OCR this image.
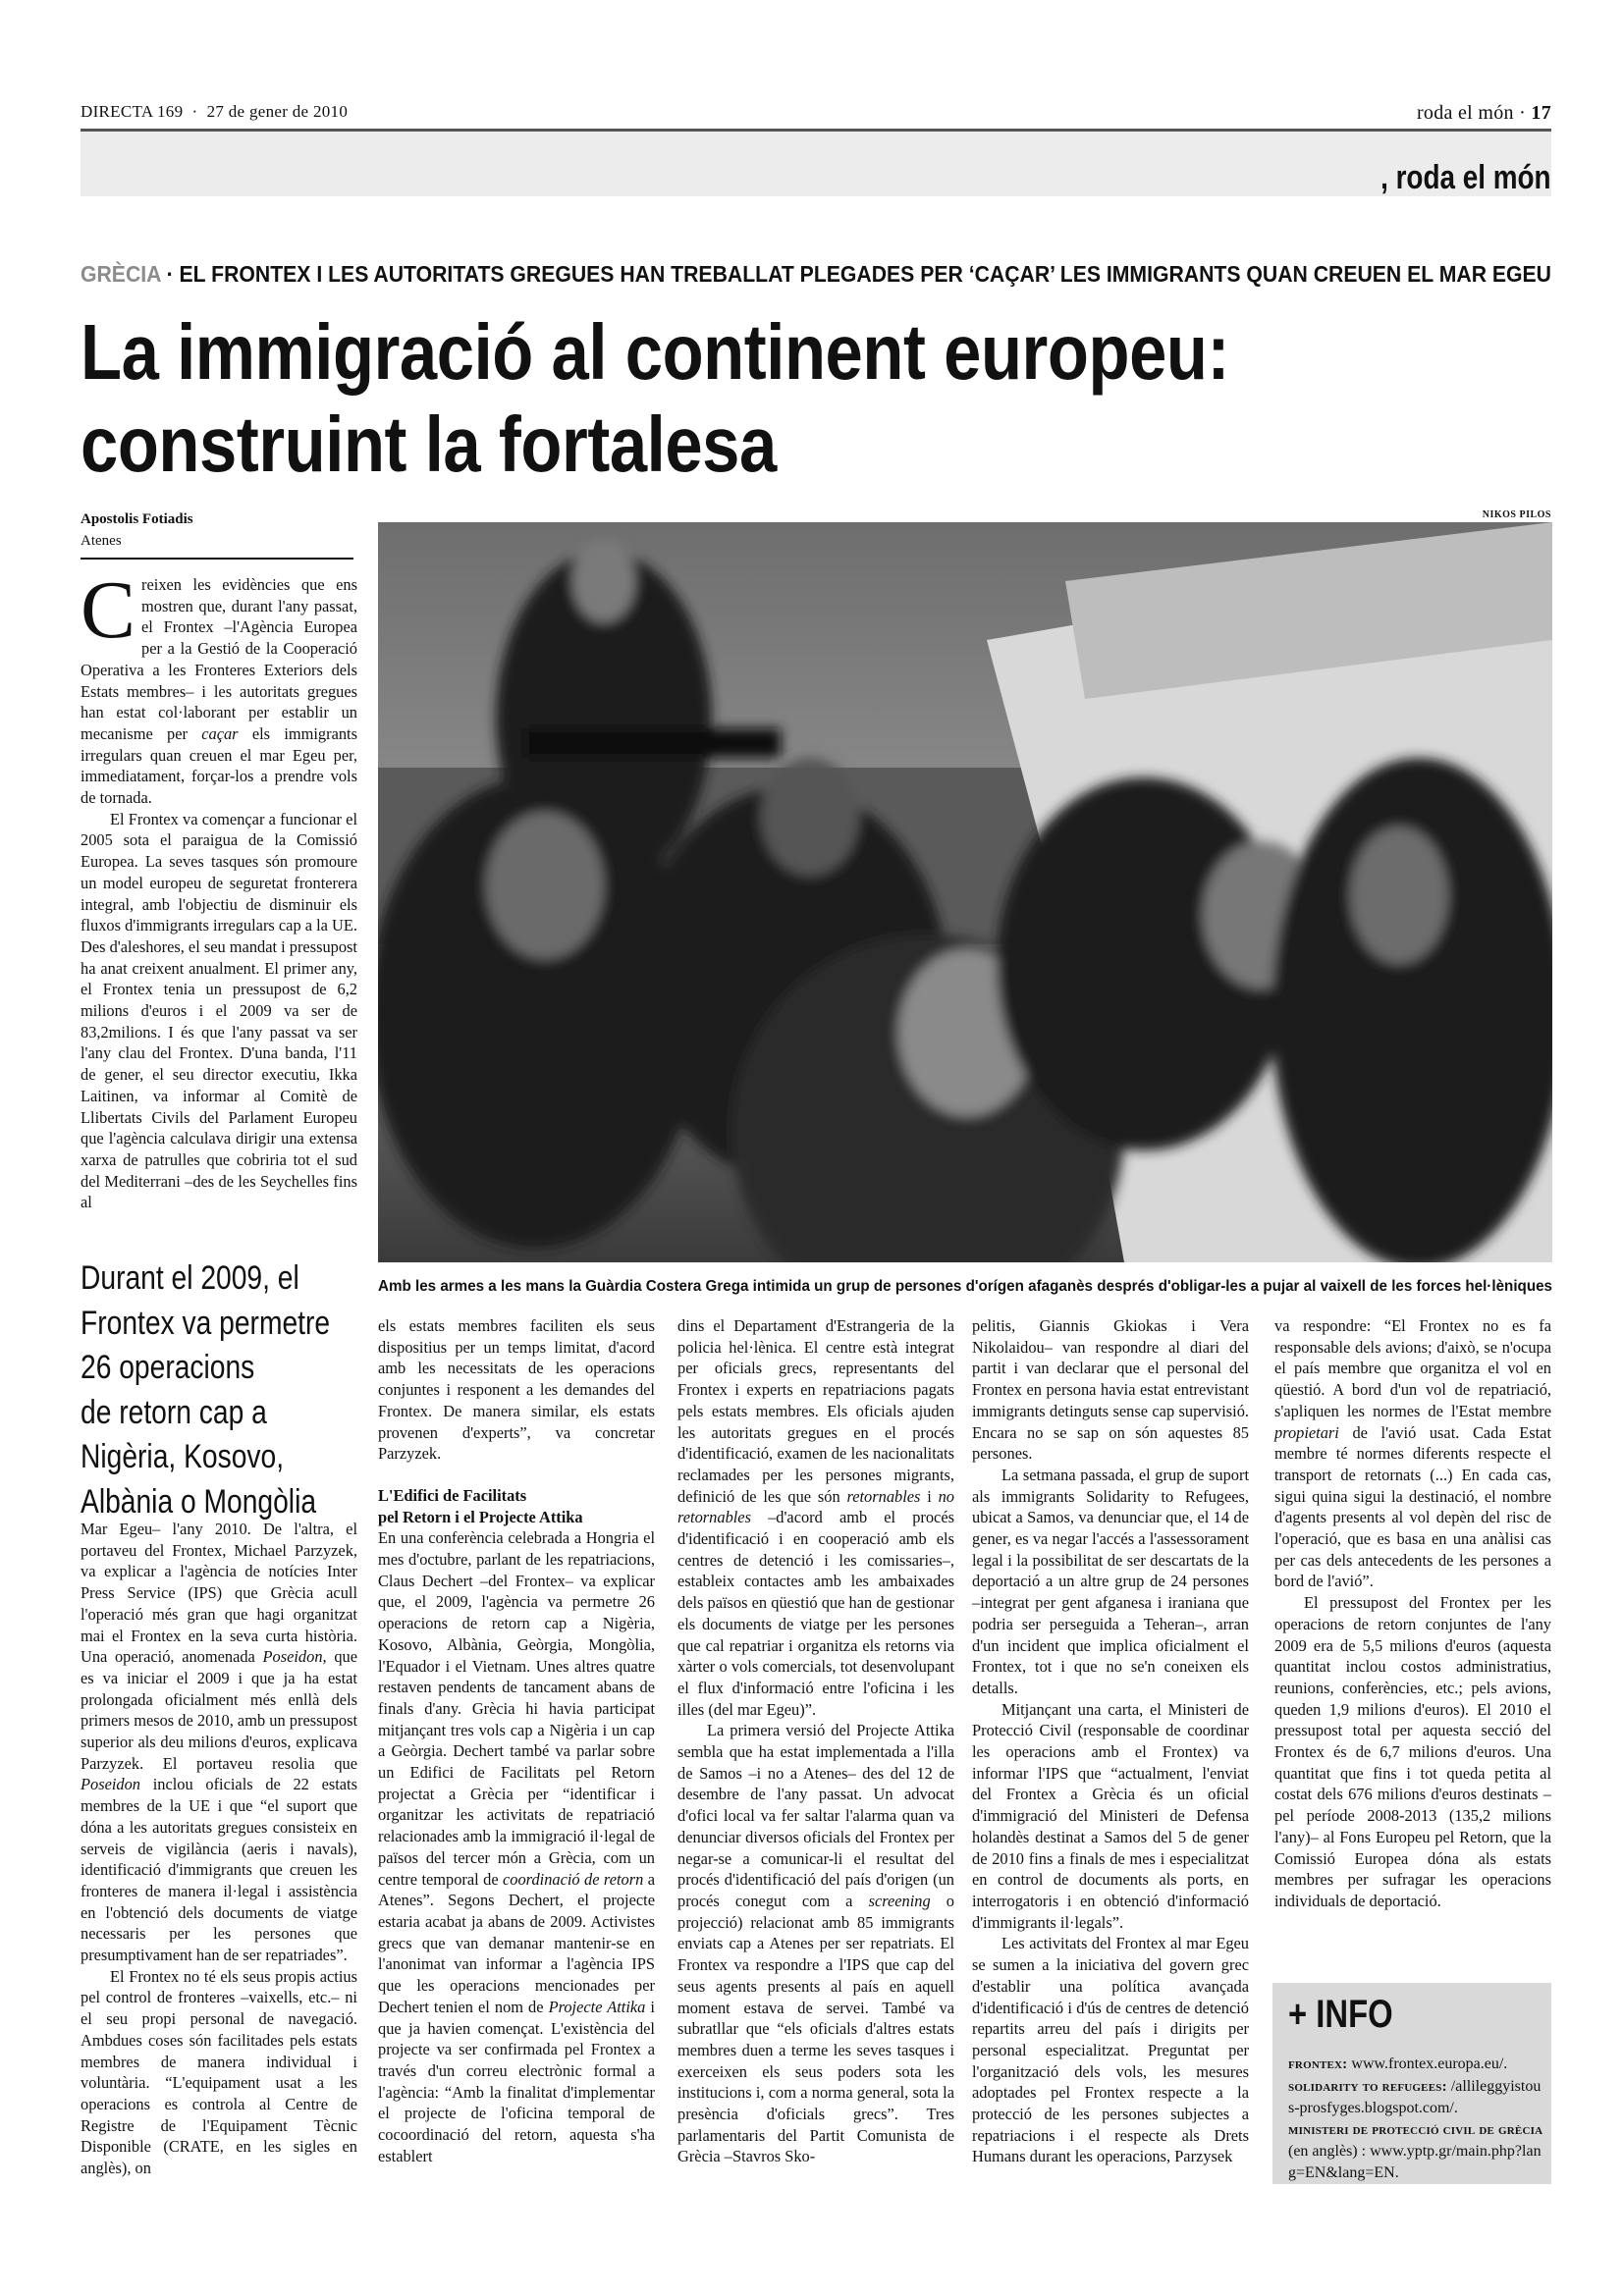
DIRECTA 169 · 27 de gener de 2010	roda el món · 17
, roda el món
GRÈCIA · EL FRONTEX I LES AUTORITATS GREGUES HAN TREBALLAT PLEGADES PER ‘CAÇAR’ LES IMMIGRANTS QUAN CREUEN EL MAR EGEU
La immigració al continent europeu:
construint la fortalesa
Apostolis Fotiadis
Atenes
NIKOS PILOS
Amb les armes a les mans la Guàrdia Costera Grega intimida un grup de persones d'orígen afaganès després d'obligar-les a pujar al vaixell de les forces hel·lèniques
C reixen les evidències que ens mostren que, durant l'any passat, el Frontex –l'Agència Europea per a la Gestió de la Cooperació Operativa a les Fronteres Exteriors dels Estats membres– i les autoritats gregues han estat col·laborant per establir un mecanisme per caçar els immigrants irregulars quan creuen el mar Egeu per, immediatament, forçar-los a prendre vols de tornada.

El Frontex va començar a funcionar el 2005 sota el paraigua de la Comissió Europea. La seves tasques són promoure un model europeu de seguretat fronterera integral, amb l'objectiu de disminuir els fluxos d'immigrants irregulars cap a la UE. Des d'aleshores, el seu mandat i pressupost ha anat creixent anualment. El primer any, el Frontex tenia un pressupost de 6,2 milions d'euros i el 2009 va ser de 83,2milions. I és que l'any passat va ser l'any clau del Frontex. D'una banda, l'11 de gener, el seu director executiu, Ikka Laitinen, va informar al Comitè de Llibertats Civils del Parlament Europeu que l'agència calculava dirigir una extensa xarxa de patrulles que cobriria tot el sud del Mediterrani –des de les Seychelles fins al

Durant el 2009, el
Frontex va permetre
26 operacions
de retorn cap a
Nigèria, Kosovo,
Albània o Mongòlia

Mar Egeu– l'any 2010. De l'altra, el portaveu del Frontex, Michael Parzyzek, va explicar a l'agència de notícies Inter Press Service (IPS) que Grècia acull l'operació més gran que hagi organitzat mai el Frontex en la seva curta història. Una operació, anomenada Poseidon, que es va iniciar el 2009 i que ja ha estat prolongada oficialment més enllà dels primers mesos de 2010, amb un pressupost superior als deu milions d'euros, explicava Parzyzek. El portaveu resolia que Poseidon inclou oficials de 22 estats membres de la UE i que “el suport que dóna a les autoritats gregues consisteix en serveis de vigilància (aeris i navals), identificació d'immigrants que creuen les fronteres de manera il·legal i assistència en l'obtenció dels documents de viatge necessaris per les persones que presumptivament han de ser repatriades”.

El Frontex no té els seus propis actius pel control de fronteres –vaixells, etc.– ni el seu propi personal de navegació. Ambdues coses són facilitades pels estats membres de manera individual i voluntària. “L'equipament usat a les operacions es controla al Centre de Registre de l'Equipament Tècnic Disponible (CRATE, en les sigles en anglès), on

els estats membres faciliten els seus dispositius per un temps limitat, d'acord amb les necessitats de les operacions conjuntes i responent a les demandes del Frontex. De manera similar, els estats provenen d'experts”, va concretar Parzyzek.

L'Edifici de Facilitats
pel Retorn i el Projecte Attika

En una conferència celebrada a Hongria el mes d'octubre, parlant de les repatriacions, Claus Dechert –del Frontex– va explicar que, el 2009, l'agència va permetre 26 operacions de retorn cap a Nigèria, Kosovo, Albània, Geòrgia, Mongòlia, l'Equador i el Vietnam. Unes altres quatre restaven pendents de tancament abans de finals d'any. Grècia hi havia participat mitjançant tres vols cap a Nigèria i un cap a Geòrgia. Dechert també va parlar sobre un Edifici de Facilitats pel Retorn projectat a Grècia per “identificar i organitzar les activitats de repatriació relacionades amb la immigració il·legal de països del tercer món a Grècia, com un centre temporal de coordinació de retorn a Atenes”. Segons Dechert, el projecte estaria acabat ja abans de 2009. Activistes grecs que van demanar mantenir-se en l'anonimat van informar a l'agència IPS que les operacions mencionades per Dechert tenien el nom de Projecte Attika i que ja havien començat. L'existència del projecte va ser confirmada pel Frontex a través d'un correu electrònic formal a l'agència: “Amb la finalitat d'implementar el projecte de l'oficina temporal de cocoordinació del retorn, aquesta s'ha establert

dins el Departament d'Estrangeria de la policia hel·lènica. El centre està integrat per oficials grecs, representants del Frontex i experts en repatriacions pagats pels estats membres. Els oficials ajuden les autoritats gregues en el procés d'identificació, examen de les nacionalitats reclamades per les persones migrants, definició de les que són retornables i no retornables –d'acord amb el procés d'identificació i en cooperació amb els centres de detenció i les comissaries–, estableix contactes amb les ambaixades dels països en qüestió que han de gestionar els documents de viatge per les persones que cal repatriar i organitza els retorns via xàrter o vols comercials, tot desenvolupant el flux d'informació entre l'oficina i les illes (del mar Egeu)”.

La primera versió del Projecte Attika sembla que ha estat implementada a l'illa de Samos –i no a Atenes– des del 12 de desembre de l'any passat. Un advocat d'ofici local va fer saltar l'alarma quan va denunciar diversos oficials del Frontex per negar-se a comunicar-li el resultat del procés d'identificació del país d'origen (un procés conegut com a screening o projecció) relacionat amb 85 immigrants enviats cap a Atenes per ser repatriats. El Frontex va respondre a l'IPS que cap del seus agents presents al país en aquell moment estava de servei. També va subratllar que “els oficials d'altres estats membres duen a terme les seves tasques i exerceixen els seus poders sota les institucions i, com a norma general, sota la presència d'oficials grecs”. Tres parlamentaris del Partit Comunista de Grècia –Stavros Sko-

pelitis, Giannis Gkiokas i Vera Nikolaidou– van respondre al diari del partit i van declarar que el personal del Frontex en persona havia estat entrevistant immigrants detinguts sense cap supervisió. Encara no se sap on són aquestes 85 persones.

La setmana passada, el grup de suport als immigrants Solidarity to Refugees, ubicat a Samos, va denunciar que, el 14 de gener, es va negar l'accés a l'assessorament legal i la possibilitat de ser descartats de la deportació a un altre grup de 24 persones –integrat per gent afganesa i iraniana que podria ser perseguida a Teheran–, arran d'un incident que implica oficialment el Frontex, tot i que no se'n coneixen els detalls.

Mitjançant una carta, el Ministeri de Protecció Civil (responsable de coordinar les operacions amb el Frontex) va informar l'IPS que “actualment, l'enviat del Frontex a Grècia és un oficial d'immigració del Ministeri de Defensa holandès destinat a Samos del 5 de gener de 2010 fins a finals de mes i especialitzat en control de documents als ports, en interrogatoris i en obtenció d'informació d'immigrants il·legals”.

Les activitats del Frontex al mar Egeu se sumen a la iniciativa del govern grec d'establir una política avançada d'identificació i d'ús de centres de detenció repartits arreu del país i dirigits per personal especialitzat. Preguntat per l'organització dels vols, les mesures adoptades pel Frontex respecte a la protecció de les persones subjectes a repatriacions i el respecte als Drets Humans durant les operacions, Parzysek

va respondre: “El Frontex no es fa responsable dels avions; d'això, se n'ocupa el país membre que organitza el vol en qüestió. A bord d'un vol de repatriació, s'apliquen les normes de l'Estat membre propietari de l'avió usat. Cada Estat membre té normes diferents respecte el transport de retornats (...) En cada cas, sigui quina sigui la destinació, el nombre d'agents presents al vol depèn del risc de l'operació, que es basa en una anàlisi cas per cas dels antecedents de les persones a bord de l'avió”.

El pressupost del Frontex per les operacions de retorn conjuntes de l'any 2009 era de 5,5 milions d'euros (aquesta quantitat inclou costos administratius, reunions, conferències, etc.; pels avions, queden 1,9 milions d'euros). El 2010 el pressupost total per aquesta secció del Frontex és de 6,7 milions d'euros. Una quantitat que fins i tot queda petita al costat dels 676 milions d'euros destinats –pel període 2008-2013 (135,2 milions l'any)– al Fons Europeu pel Retorn, que la Comissió Europea dóna als estats membres per sufragar les operacions individuals de deportació.

+ INFO
frontex: www.frontex.europa.eu/.
solidarity to refugees: /allileggyistous-prosfyges.blogspot.com/.
ministeri de protecció civil de grècia (en anglès) : www.yptp.gr/main.php?lang=EN&lang=EN.
